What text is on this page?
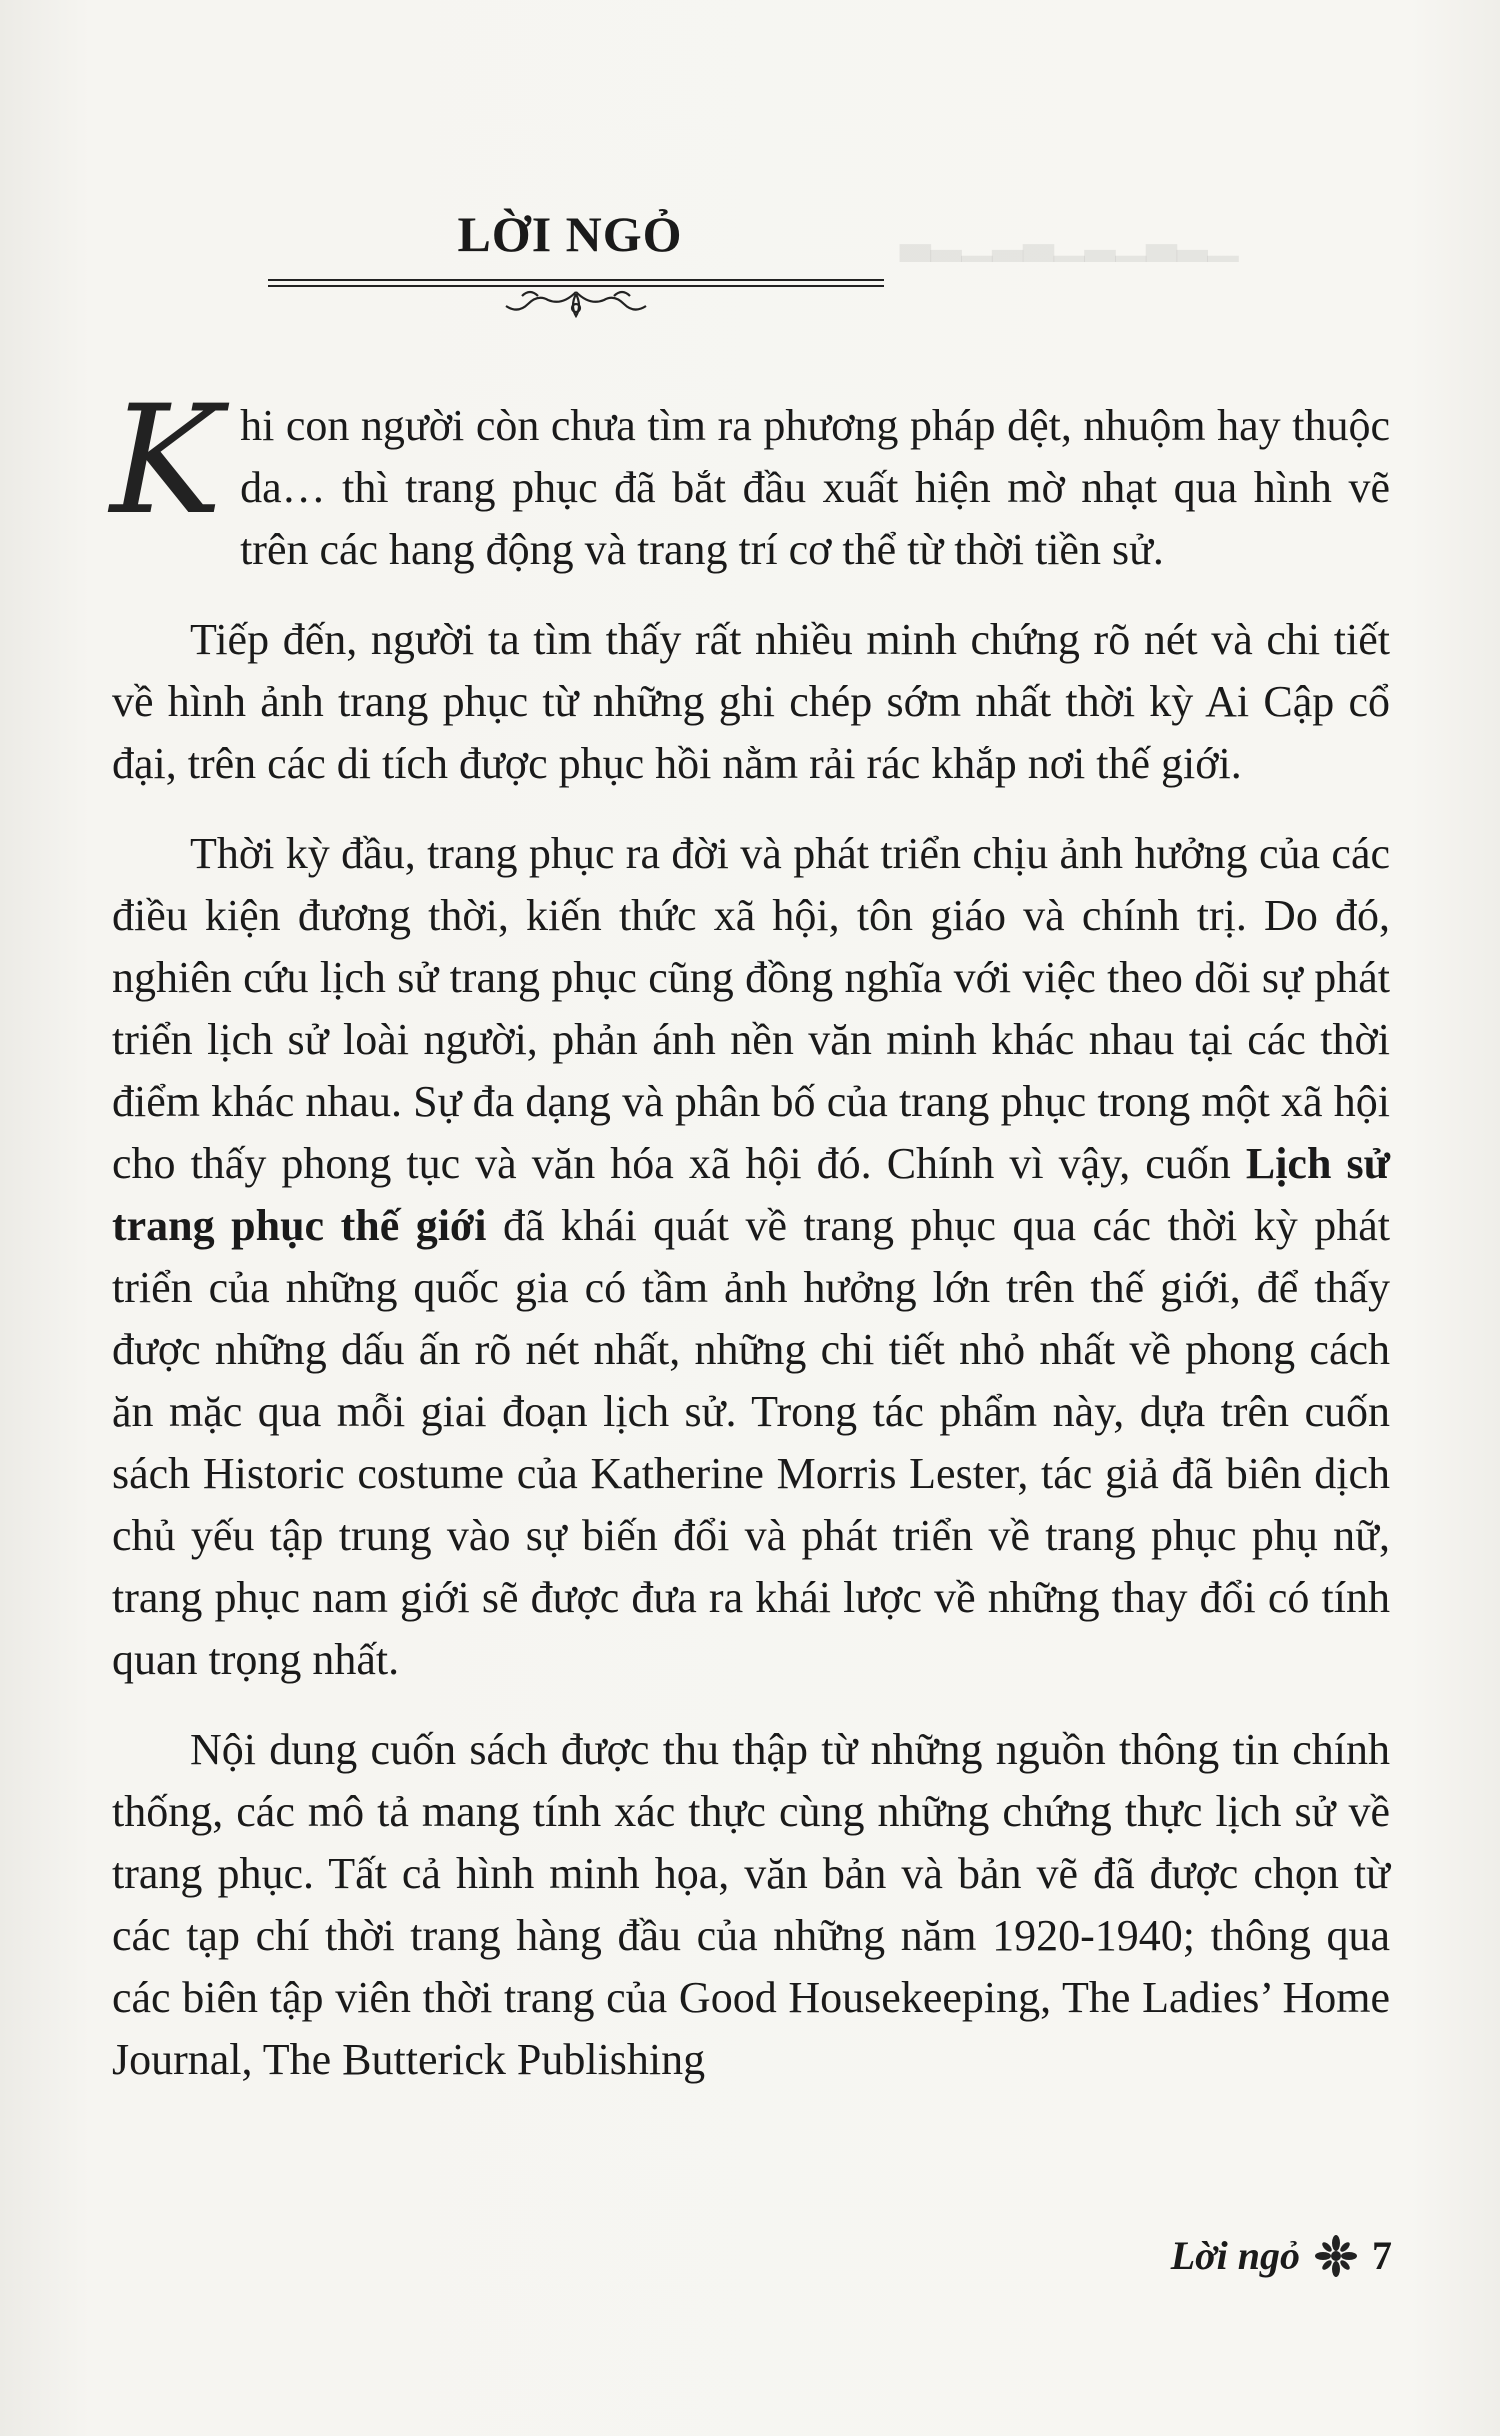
▁▂▃▁▂▁▃▂▁▂▃
LỜI NGỎ

Khi con người còn chưa tìm ra phương pháp dệt, nhuộm hay thuộc da… thì trang phục đã bắt đầu xuất hiện mờ nhạt qua hình vẽ trên các hang động và trang trí cơ thể từ thời tiền sử.

Tiếp đến, người ta tìm thấy rất nhiều minh chứng rõ nét và chi tiết về hình ảnh trang phục từ những ghi chép sớm nhất thời kỳ Ai Cập cổ đại, trên các di tích được phục hồi nằm rải rác khắp nơi thế giới.

Thời kỳ đầu, trang phục ra đời và phát triển chịu ảnh hưởng của các điều kiện đương thời, kiến thức xã hội, tôn giáo và chính trị. Do đó, nghiên cứu lịch sử trang phục cũng đồng nghĩa với việc theo dõi sự phát triển lịch sử loài người, phản ánh nền văn minh khác nhau tại các thời điểm khác nhau. Sự đa dạng và phân bố của trang phục trong một xã hội cho thấy phong tục và văn hóa xã hội đó. Chính vì vậy, cuốn Lịch sử trang phục thế giới đã khái quát về trang phục qua các thời kỳ phát triển của những quốc gia có tầm ảnh hưởng lớn trên thế giới, để thấy được những dấu ấn rõ nét nhất, những chi tiết nhỏ nhất về phong cách ăn mặc qua mỗi giai đoạn lịch sử. Trong tác phẩm này, dựa trên cuốn sách Historic costume của Katherine Morris Lester, tác giả đã biên dịch chủ yếu tập trung vào sự biến đổi và phát triển về trang phục phụ nữ, trang phục nam giới sẽ được đưa ra khái lược về những thay đổi có tính quan trọng nhất.

Nội dung cuốn sách được thu thập từ những nguồn thông tin chính thống, các mô tả mang tính xác thực cùng những chứng thực lịch sử về trang phục. Tất cả hình minh họa, văn bản và bản vẽ đã được chọn từ các tạp chí thời trang hàng đầu của những năm 1920-1940; thông qua các biên tập viên thời trang của Good Housekeeping, The Ladies’ Home Journal, The Butterick Publishing

Lời ngỏ 7
